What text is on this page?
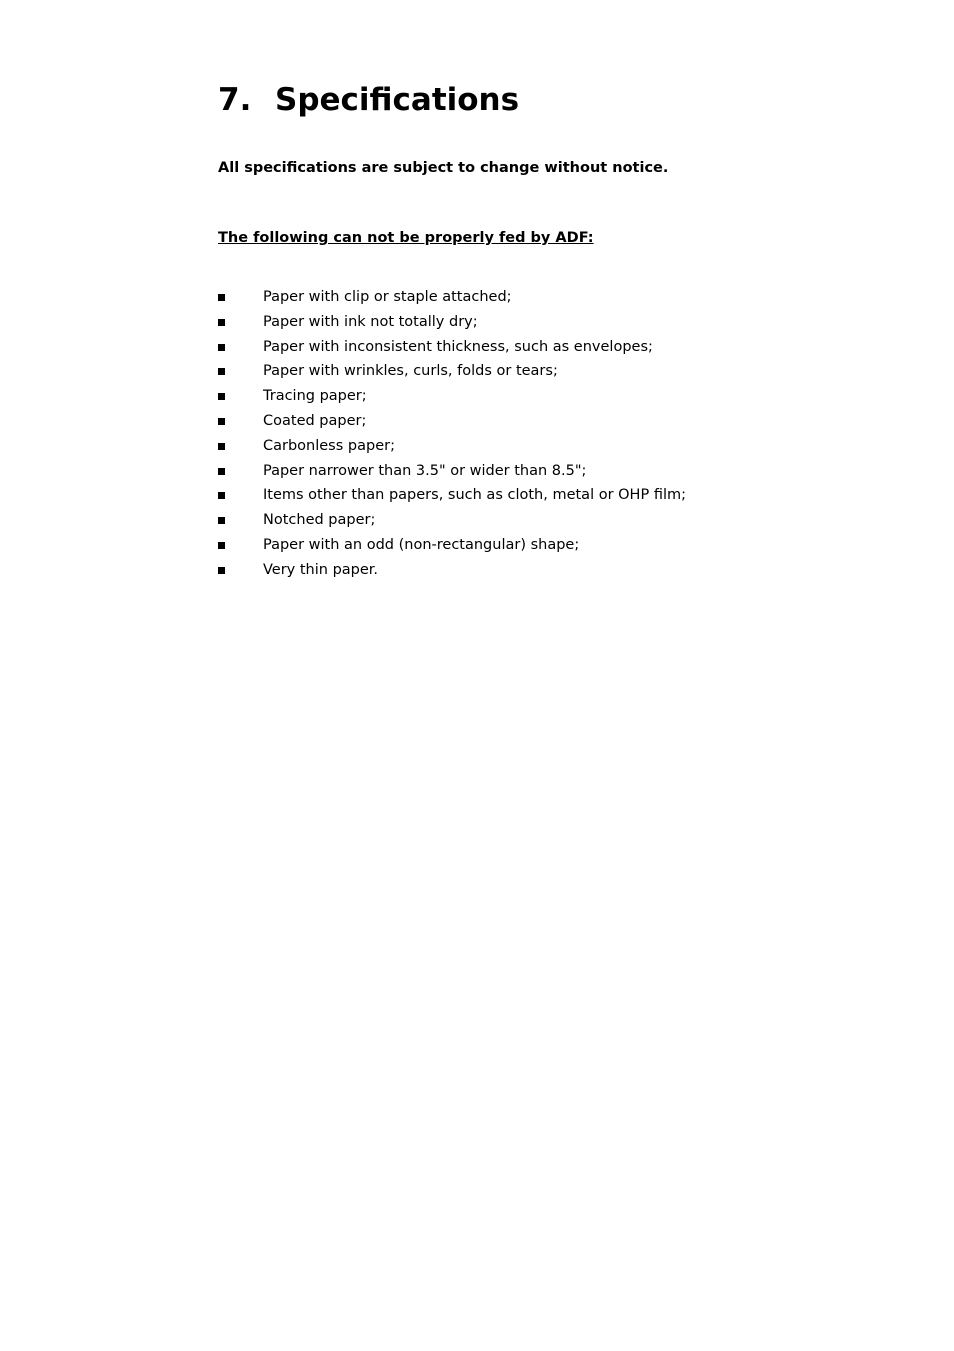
7. Specifications

All specifications are subject to change without notice.

The following can not be properly fed by ADF:

Paper with clip or staple attached;
Paper with ink not totally dry;
Paper with inconsistent thickness, such as envelopes;
Paper with wrinkles, curls, folds or tears;
Tracing paper;
Coated paper;
Carbonless paper;
Paper narrower than 3.5" or wider than 8.5";
Items other than papers, such as cloth, metal or OHP film;
Notched paper;
Paper with an odd (non-rectangular) shape;
Very thin paper.
